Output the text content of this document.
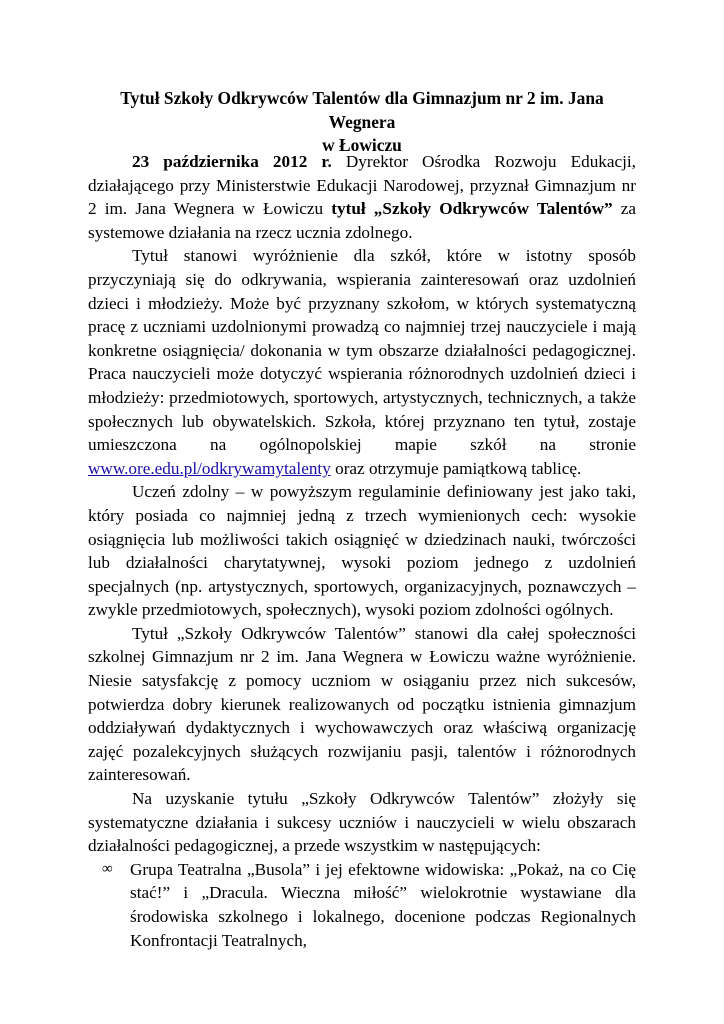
Tytuł Szkoły Odkrywców Talentów dla Gimnazjum nr 2 im. Jana Wegnera
w Łowiczu

23 października 2012 r. Dyrektor Ośrodka Rozwoju Edukacji, działającego przy Ministerstwie Edukacji Narodowej, przyznał Gimnazjum nr 2 im. Jana Wegnera w Łowiczu tytuł „Szkoły Odkrywców Talentów” za systemowe działania na rzecz ucznia zdolnego.

Tytuł stanowi wyróżnienie dla szkół, które w istotny sposób przyczyniają się do odkrywania, wspierania zainteresowań oraz uzdolnień dzieci i młodzieży. Może być przyznany szkołom, w których systematyczną pracę z uczniami uzdolnionymi prowadzą co najmniej trzej nauczyciele i mają konkretne osiągnięcia/ dokonania w tym obszarze działalności pedagogicznej. Praca nauczycieli może dotyczyć wspierania różnorodnych uzdolnień dzieci i młodzieży: przedmiotowych, sportowych, artystycznych, technicznych, a także społecznych lub obywatelskich. Szkoła, której przyznano ten tytuł, zostaje umieszczona na ogólnopolskiej mapie szkół na stronie www.ore.edu.pl/odkrywamytalenty oraz otrzymuje pamiątkową tablicę.

Uczeń zdolny – w powyższym regulaminie definiowany jest jako taki, który posiada co najmniej jedną z trzech wymienionych cech: wysokie osiągnięcia lub możliwości takich osiągnięć w dziedzinach nauki, twórczości lub działalności charytatywnej, wysoki poziom jednego z uzdolnień specjalnych (np. artystycznych, sportowych, organizacyjnych, poznawczych – zwykle przedmiotowych, społecznych), wysoki poziom zdolności ogólnych.

Tytuł „Szkoły Odkrywców Talentów” stanowi dla całej społeczności szkolnej Gimnazjum nr 2 im. Jana Wegnera w Łowiczu ważne wyróżnienie. Niesie satysfakcję z pomocy uczniom w osiąganiu przez nich sukcesów, potwierdza dobry kierunek realizowanych od początku istnienia gimnazjum oddziaływań dydaktycznych i wychowawczych oraz właściwą organizację zajęć pozalekcyjnych służących rozwijaniu pasji, talentów i różnorodnych zainteresowań.

Na uzyskanie tytułu „Szkoły Odkrywców Talentów” złożyły się systematyczne działania i sukcesy uczniów i nauczycieli w wielu obszarach działalności pedagogicznej, a przede wszystkim w następujących:

∞	Grupa Teatralna „Busola” i jej efektowne widowiska: „Pokaż, na co Cię stać!” i „Dracula. Wieczna miłość” wielokrotnie wystawiane dla środowiska szkolnego i lokalnego, docenione podczas Regionalnych Konfrontacji Teatralnych,
